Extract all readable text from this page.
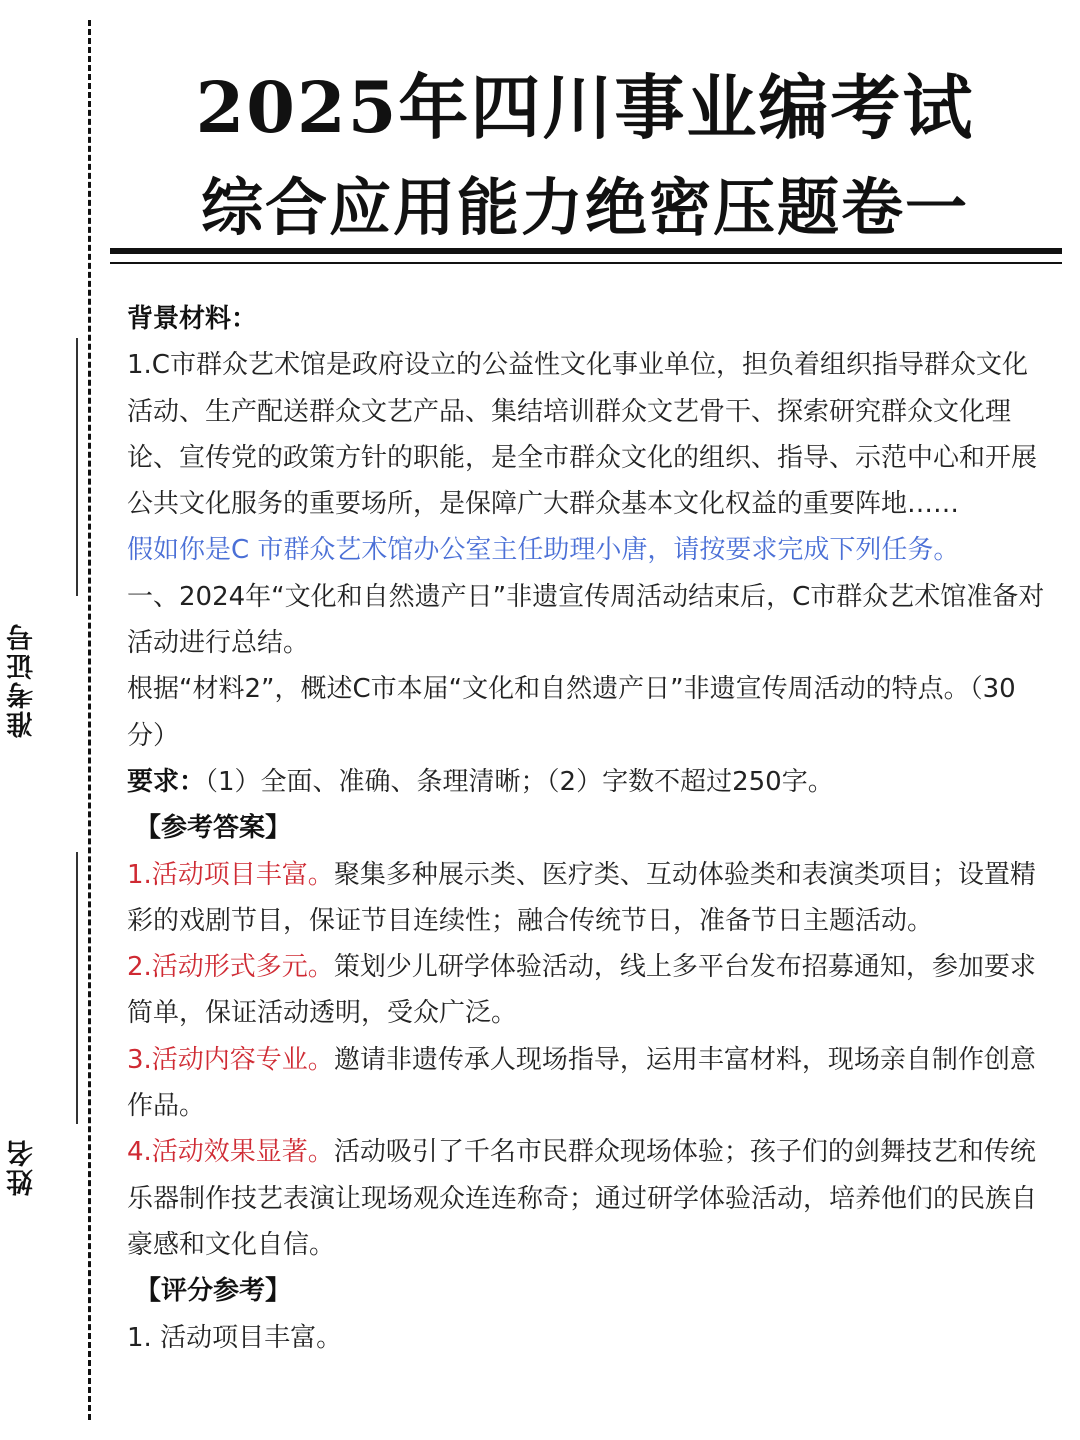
准考证号
姓名
2025年四川事业编考试
综合应用能力绝密压题卷一

背景材料：

1.C市群众艺术馆是政府设立的公益性文化事业单位，担负着组织指导群众文化活动、生产配送群众文艺产品、集结培训群众文艺骨干、探索研究群众文化理论、宣传党的政策方针的职能，是全市群众文化的组织、指导、示范中心和开展公共文化服务的重要场所，是保障广大群众基本文化权益的重要阵地……

假如你是C 市群众艺术馆办公室主任助理小唐，请按要求完成下列任务。

一、2024年“文化和自然遗产日”非遗宣传周活动结束后，C市群众艺术馆准备对活动进行总结。

根据“材料2”，概述C市本届“文化和自然遗产日”非遗宣传周活动的特点。（30分）

要求：（1）全面、准确、条理清晰；（2）字数不超过250字。

【参考答案】

1.活动项目丰富。聚集多种展示类、医疗类、互动体验类和表演类项目；设置精彩的戏剧节目，保证节目连续性；融合传统节日，准备节日主题活动。

2.活动形式多元。策划少儿研学体验活动，线上多平台发布招募通知，参加要求简单，保证活动透明，受众广泛。

3.活动内容专业。邀请非遗传承人现场指导，运用丰富材料，现场亲自制作创意作品。

4.活动效果显著。活动吸引了千名市民群众现场体验；孩子们的剑舞技艺和传统乐器制作技艺表演让现场观众连连称奇；通过研学体验活动，培养他们的民族自豪感和文化自信。

【评分参考】

1. 活动项目丰富。
